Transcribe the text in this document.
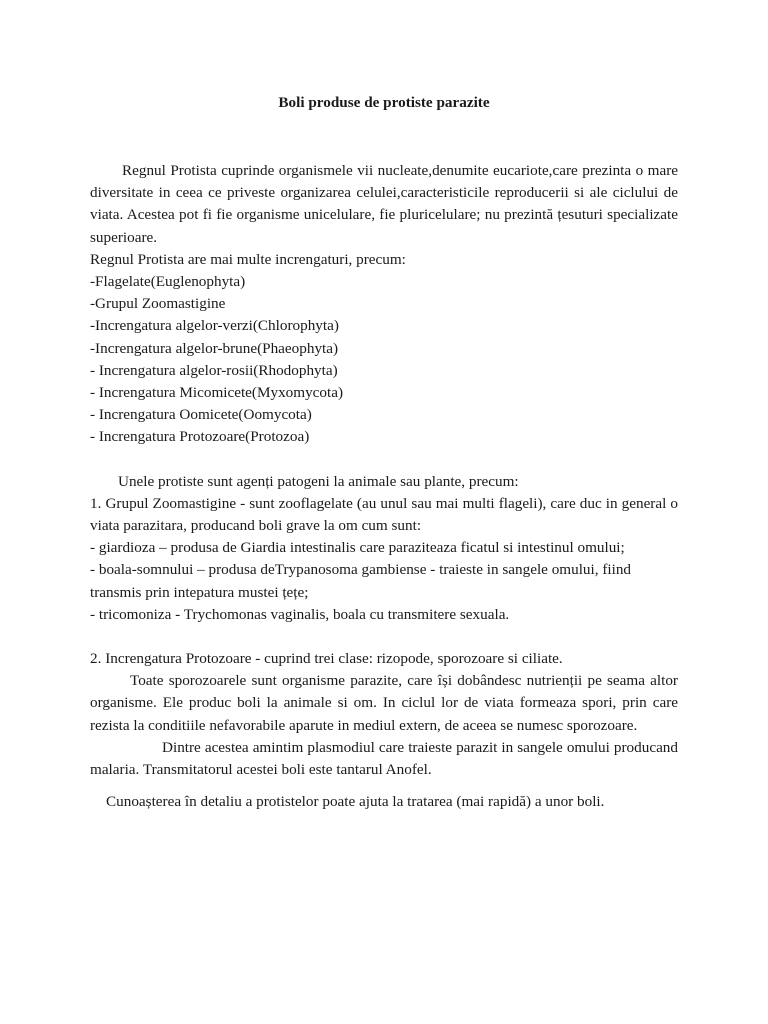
Boli produse de protiste parazite

Regnul Protista cuprinde organismele vii nucleate,denumite eucariote,care prezinta o mare diversitate in ceea ce priveste organizarea celulei,caracteristicile reproducerii si ale ciclului de viata. Acestea pot fi fie organisme unicelulare, fie pluricelulare; nu prezintă țesuturi specializate superioare.

Regnul Protista are mai multe increngaturi, precum:

-Flagelate(Euglenophyta)

-Grupul Zoomastigine

-Increngatura algelor-verzi(Chlorophyta)

-Increngatura algelor-brune(Phaeophyta)

- Increngatura algelor-rosii(Rhodophyta)

- Increngatura Micomicete(Myxomycota)

- Increngatura Oomicete(Oomycota)

- Increngatura Protozoare(Protozoa)

Unele protiste sunt agenți patogeni la animale sau plante, precum:

1. Grupul Zoomastigine - sunt zooflagelate (au unul sau mai multi flageli), care duc in general o viata parazitara, producand boli grave la om cum sunt:

- giardioza – produsa de Giardia intestinalis care paraziteaza ficatul si intestinul omului;

- boala-somnului – produsa deTrypanosoma gambiense - traieste in sangele omului, fiind transmis prin intepatura mustei țețe;

- tricomoniza - Trychomonas vaginalis, boala cu transmitere sexuala.

2. Increngatura Protozoare - cuprind trei clase: rizopode, sporozoare si ciliate.

Toate sporozoarele sunt organisme parazite, care își dobândesc nutrienții pe seama altor organisme. Ele produc boli la animale si om. In ciclul lor de viata formeaza spori, prin care rezista la conditiile nefavorabile aparute in mediul extern, de aceea se numesc sporozoare.

Dintre acestea amintim plasmodiul care traieste parazit in sangele omului producand malaria. Transmitatorul acestei boli este tantarul Anofel.

Cunoașterea în detaliu a protistelor poate ajuta la tratarea (mai rapidă) a unor boli.
